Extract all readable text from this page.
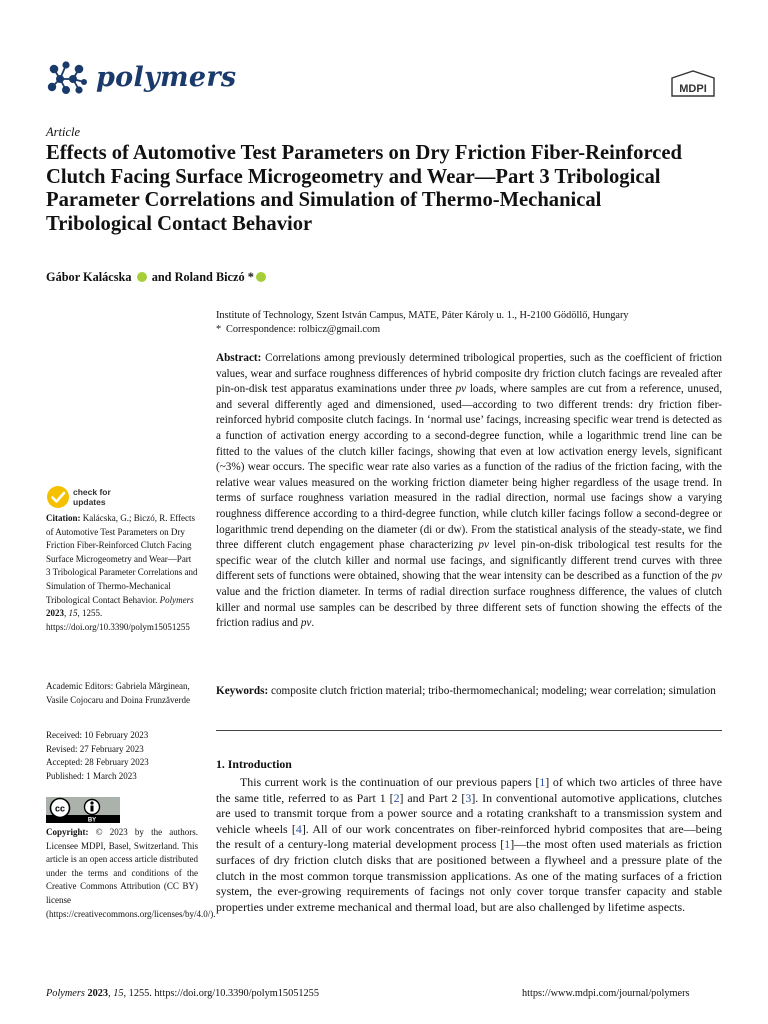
polymers	MDPI
Article
Effects of Automotive Test Parameters on Dry Friction Fiber-Reinforced Clutch Facing Surface Microgeometry and Wear—Part 3 Tribological Parameter Correlations and Simulation of Thermo-Mechanical Tribological Contact Behavior
Gábor Kalácska and Roland Biczó *
Institute of Technology, Szent István Campus, MATE, Páter Károly u. 1., H-2100 Gödöllő, Hungary
* Correspondence: rolbicz@gmail.com
Abstract: Correlations among previously determined tribological properties, such as the coefficient of friction values, wear and surface roughness differences of hybrid composite dry friction clutch facings are revealed after pin-on-disk test apparatus examinations under three pv loads, where samples are cut from a reference, unused, and several differently aged and dimensioned, used—according to two different trends: dry friction fiber-reinforced hybrid composite clutch facings. In ‘normal use’ facings, increasing specific wear trend is detected as a function of activation energy according to a second-degree function, while a logarithmic trend line can be fitted to the values of the clutch killer facings, showing that even at low activation energy levels, significant (~3%) wear occurs. The specific wear rate also varies as a function of the radius of the friction facing, with the relative wear values measured on the working friction diameter being higher regardless of the usage trend. In terms of surface roughness variation measured in the radial direction, normal use facings show a varying roughness difference according to a third-degree function, while clutch killer facings follow a second-degree or logarithmic trend depending on the diameter (di or dw). From the statistical analysis of the steady-state, we find three different clutch engagement phase characterizing pv level pin-on-disk tribological test results for the specific wear of the clutch killer and normal use facings, and significantly different trend curves with three different sets of functions were obtained, showing that the wear intensity can be described as a function of the pv value and the friction diameter. In terms of radial direction surface roughness difference, the values of clutch killer and normal use samples can be described by three different sets of function showing the effects of the friction radius and pv.
Keywords: composite clutch friction material; tribo-thermomechanical; modeling; wear correlation; simulation
1. Introduction
This current work is the continuation of our previous papers [1] of which two articles of three have the same title, referred to as Part 1 [2] and Part 2 [3]. In conventional automotive applications, clutches are used to transmit torque from a power source and a rotating crankshaft to a transmission system and vehicle wheels [4]. All of our work concentrates on fiber-reinforced hybrid composites that are—being the result of a century-long material development process [1]—the most often used materials as friction surfaces of dry friction clutch disks that are positioned between a flywheel and a pressure plate of the clutch in the most common torque transmission applications. As one of the mating surfaces of a friction system, the ever-growing requirements of facings not only cover torque transfer capacity and stable properties under extreme mechanical and thermal load, but are also challenged by lifetime aspects.
check for
updates
Citation: Kalácska, G.; Biczó, R. Effects of Automotive Test Parameters on Dry Friction Fiber-Reinforced Clutch Facing Surface Microgeometry and Wear—Part 3 Tribological Parameter Correlations and Simulation of Thermo-Mechanical Tribological Contact Behavior. Polymers 2023, 15, 1255. https://doi.org/10.3390/polym15051255
Academic Editors: Gabriela Mărginean, Vasile Cojocaru and Doina Frunzăverde
Received: 10 February 2023
Revised: 27 February 2023
Accepted: 28 February 2023
Published: 1 March 2023
cc
BY
Copyright: © 2023 by the authors. Licensee MDPI, Basel, Switzerland. This article is an open access article distributed under the terms and conditions of the Creative Commons Attribution (CC BY) license (https://creativecommons.org/licenses/by/4.0/).
Polymers 2023, 15, 1255. https://doi.org/10.3390/polym15051255	https://www.mdpi.com/journal/polymers
